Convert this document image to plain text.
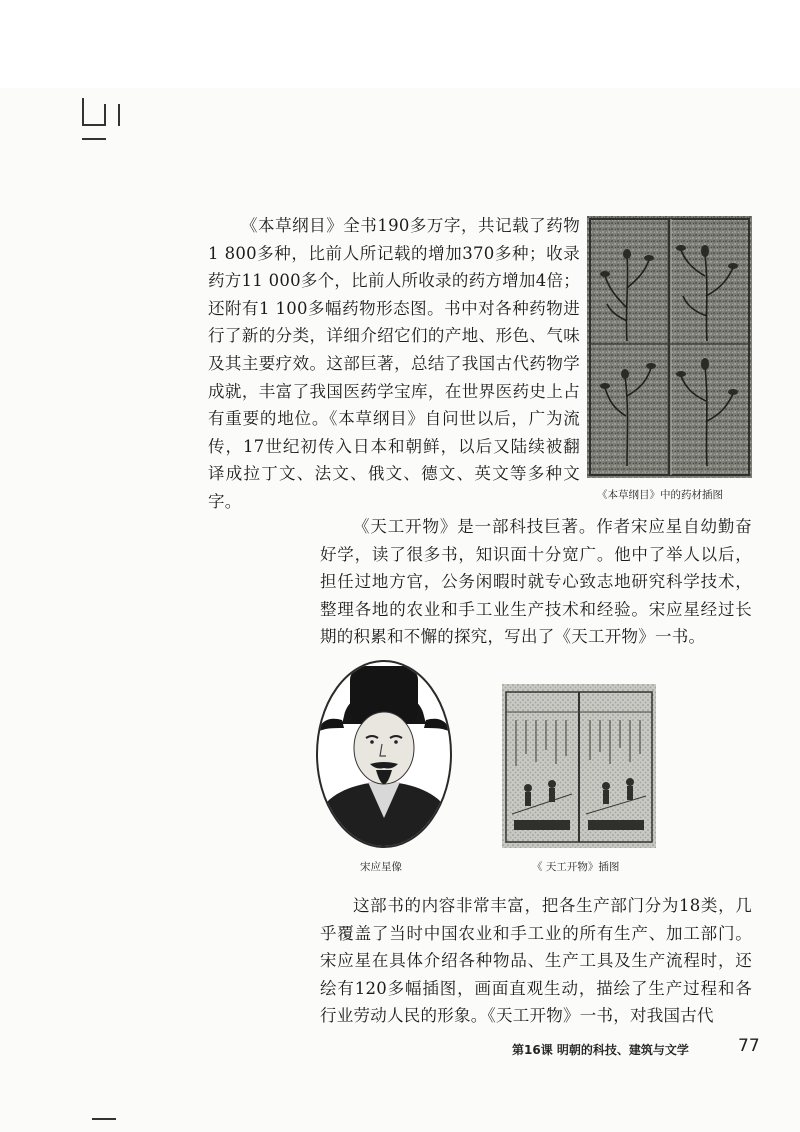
《本草纲目》全书190多万字，共记载了药物1 800多种，比前人所记载的增加370多种；收录药方11 000多个，比前人所收录的药方增加4倍；还附有1 100多幅药物形态图。书中对各种药物进行了新的分类，详细介绍它们的产地、形色、气味及其主要疗效。这部巨著，总结了我国古代药物学成就，丰富了我国医药学宝库，在世界医药史上占有重要的地位。《本草纲目》自问世以后，广为流传，17世纪初传入日本和朝鲜，以后又陆续被翻译成拉丁文、法文、俄文、德文、英文等多种文字。	《本草纲目》中的药材插图

《天工开物》是一部科技巨著。作者宋应星自幼勤奋好学，读了很多书，知识面十分宽广。他中了举人以后，担任过地方官，公务闲暇时就专心致志地研究科学技术，整理各地的农业和手工业生产技术和经验。宋应星经过长期的积累和不懈的探究，写出了《天工开物》一书。

宋应星像	《 天工开物》插图

这部书的内容非常丰富，把各生产部门分为18类，几乎覆盖了当时中国农业和手工业的所有生产、加工部门。宋应星在具体介绍各种物品、生产工具及生产流程时，还绘有120多幅插图，画面直观生动，描绘了生产过程和各行业劳动人民的形象。《天工开物》一书，对我国古代

第16课 明朝的科技、建筑与文学	77
